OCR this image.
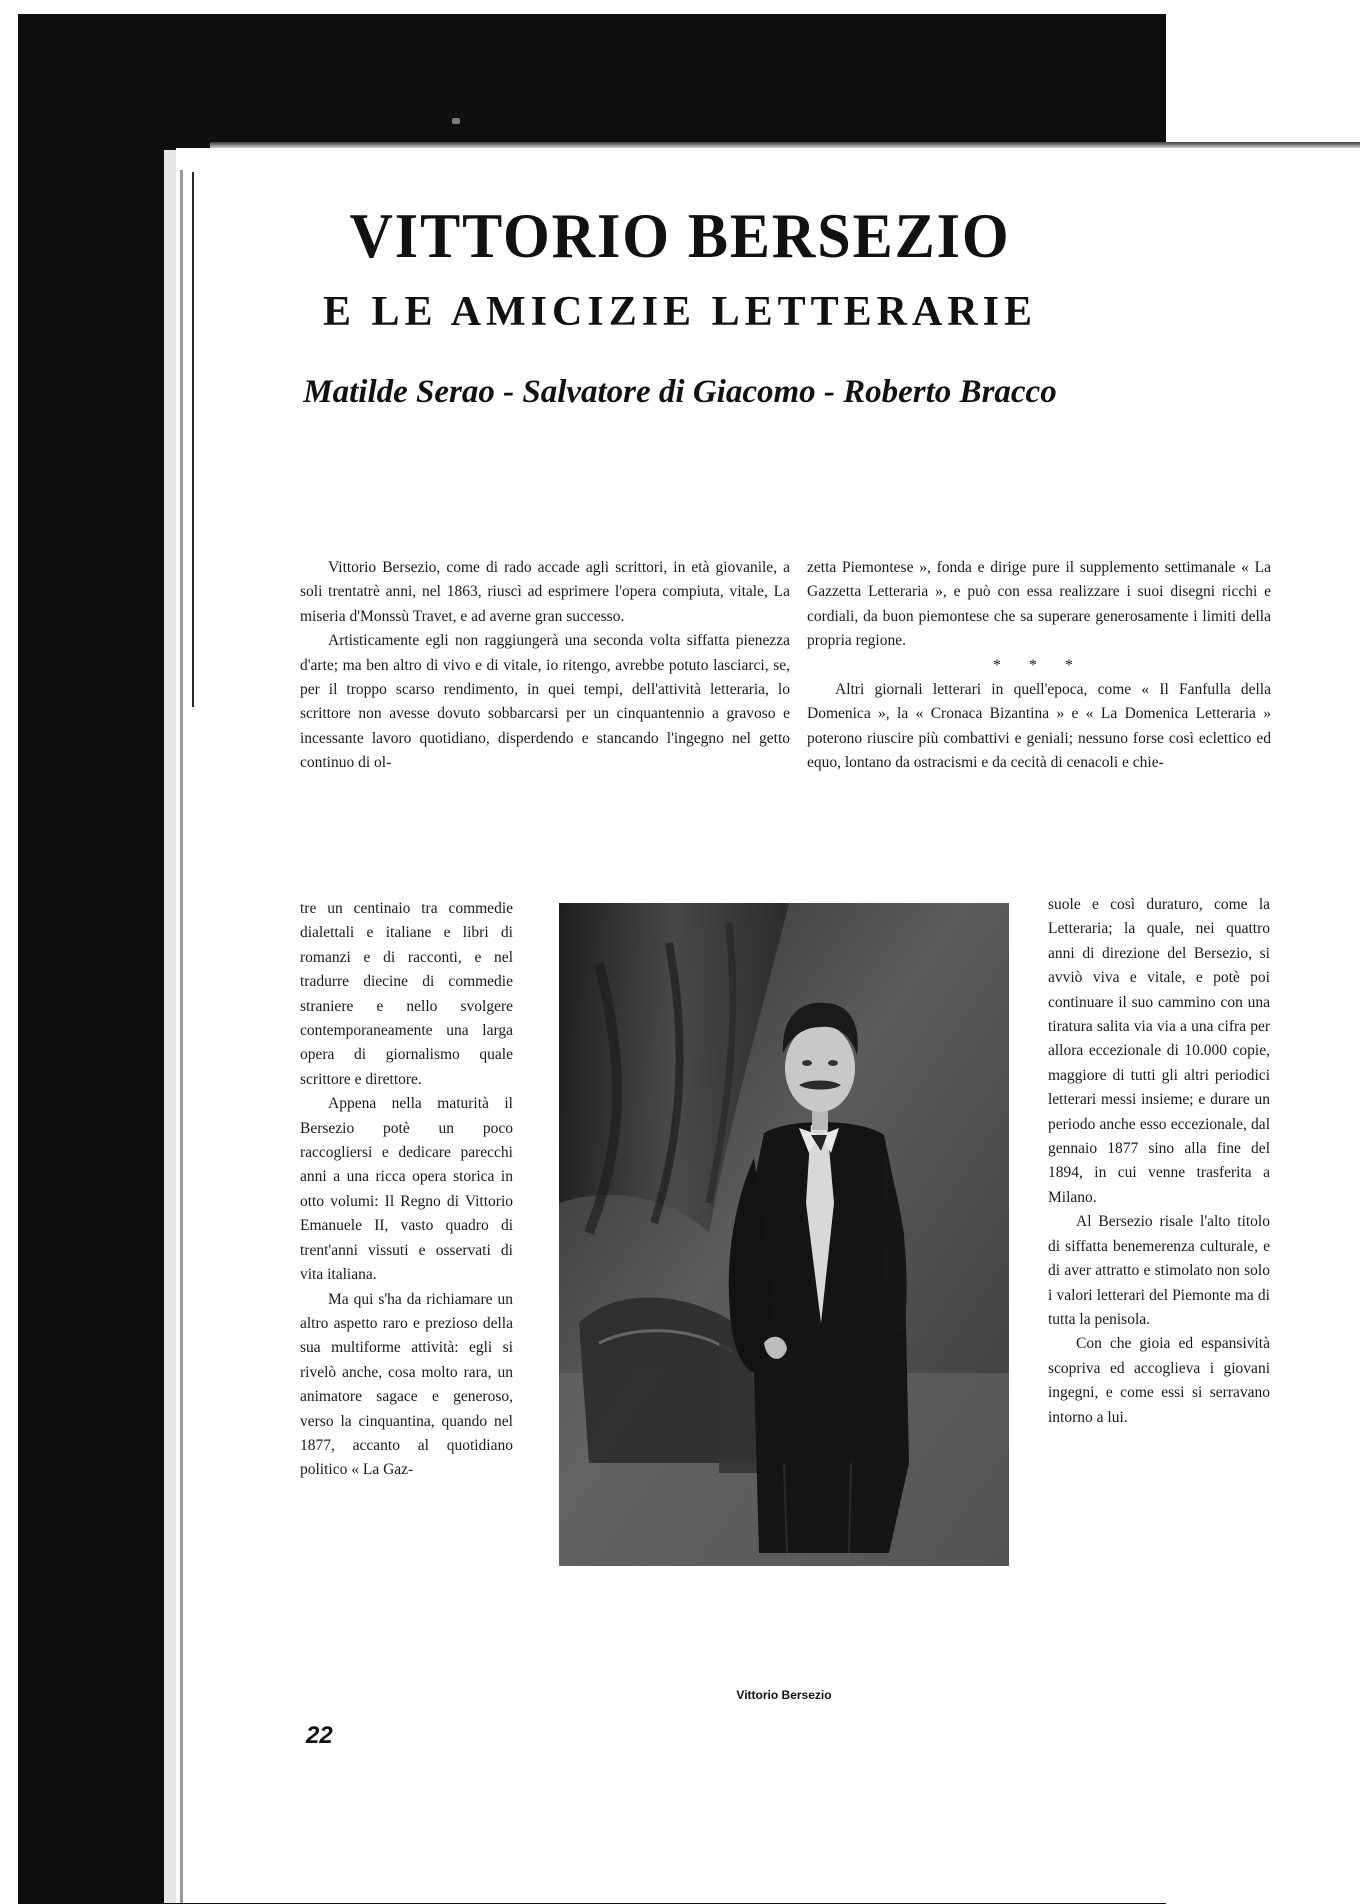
VITTORIO BERSEZIO
E LE AMICIZIE LETTERARIE
Matilde Serao - Salvatore di Giacomo - Roberto Bracco

Vittorio Bersezio, come di rado accade agli scrittori, in età giovanile, a soli trentatrè anni, nel 1863, riuscì ad esprimere l'opera compiuta, vitale, La miseria d'Monssù Travet, e ad averne gran successo.

Artisticamente egli non raggiungerà una seconda volta siffatta pienezza d'arte; ma ben altro di vivo e di vitale, io ritengo, avrebbe potuto lasciarci, se, per il troppo scarso rendimento, in quei tempi, dell'attività letteraria, lo scrittore non avesse dovuto sobbarcarsi per un cinquantennio a gravoso e incessante lavoro quotidiano, disperdendo e stancando l'ingegno nel getto continuo di ol-

tre un centinaio tra commedie dialettali e italiane e libri di romanzi e di racconti, e nel tradurre diecine di commedie straniere e nello svolgere contemporaneamente una larga opera di giornalismo quale scrittore e direttore.

Appena nella maturità il Bersezio potè un poco raccogliersi e dedicare parecchi anni a una ricca opera storica in otto volumi: Il Regno di Vittorio Emanuele II, vasto quadro di trent'anni vissuti e osservati di vita italiana.

Ma qui s'ha da richiamare un altro aspetto raro e prezioso della sua multiforme attività: egli si rivelò anche, cosa molto rara, un animatore sagace e generoso, verso la cinquantina, quando nel 1877, accanto al quotidiano politico « La Gaz-

zetta Piemontese », fonda e dirige pure il supplemento settimanale « La Gazzetta Letteraria », e può con essa realizzare i suoi disegni ricchi e cordiali, da buon piemontese che sa superare generosamente i limiti della propria regione.

* * *

Altri giornali letterari in quell'epoca, come « Il Fanfulla della Domenica », la « Cronaca Bizantina » e « La Domenica Letteraria » poterono riuscire più combattivi e geniali; nessuno forse così eclettico ed equo, lontano da ostracismi e da cecità di cenacoli e chie-

suole e così duraturo, come la Letteraria; la quale, nei quattro anni di direzione del Bersezio, si avviò viva e vitale, e potè poi continuare il suo cammino con una tiratura salita via via a una cifra per allora eccezionale di 10.000 copie, maggiore di tutti gli altri periodici letterari messi insieme; e durare un periodo anche esso eccezionale, dal gennaio 1877 sino alla fine del 1894, in cui venne trasferita a Milano.

Al Bersezio risale l'alto titolo di siffatta benemerenza culturale, e di aver attratto e stimolato non solo i valori letterari del Piemonte ma di tutta la penisola.

Con che gioia ed espansività scopriva ed accoglieva i giovani ingegni, e come essi si serravano intorno a lui.

Vittorio Bersezio
22
